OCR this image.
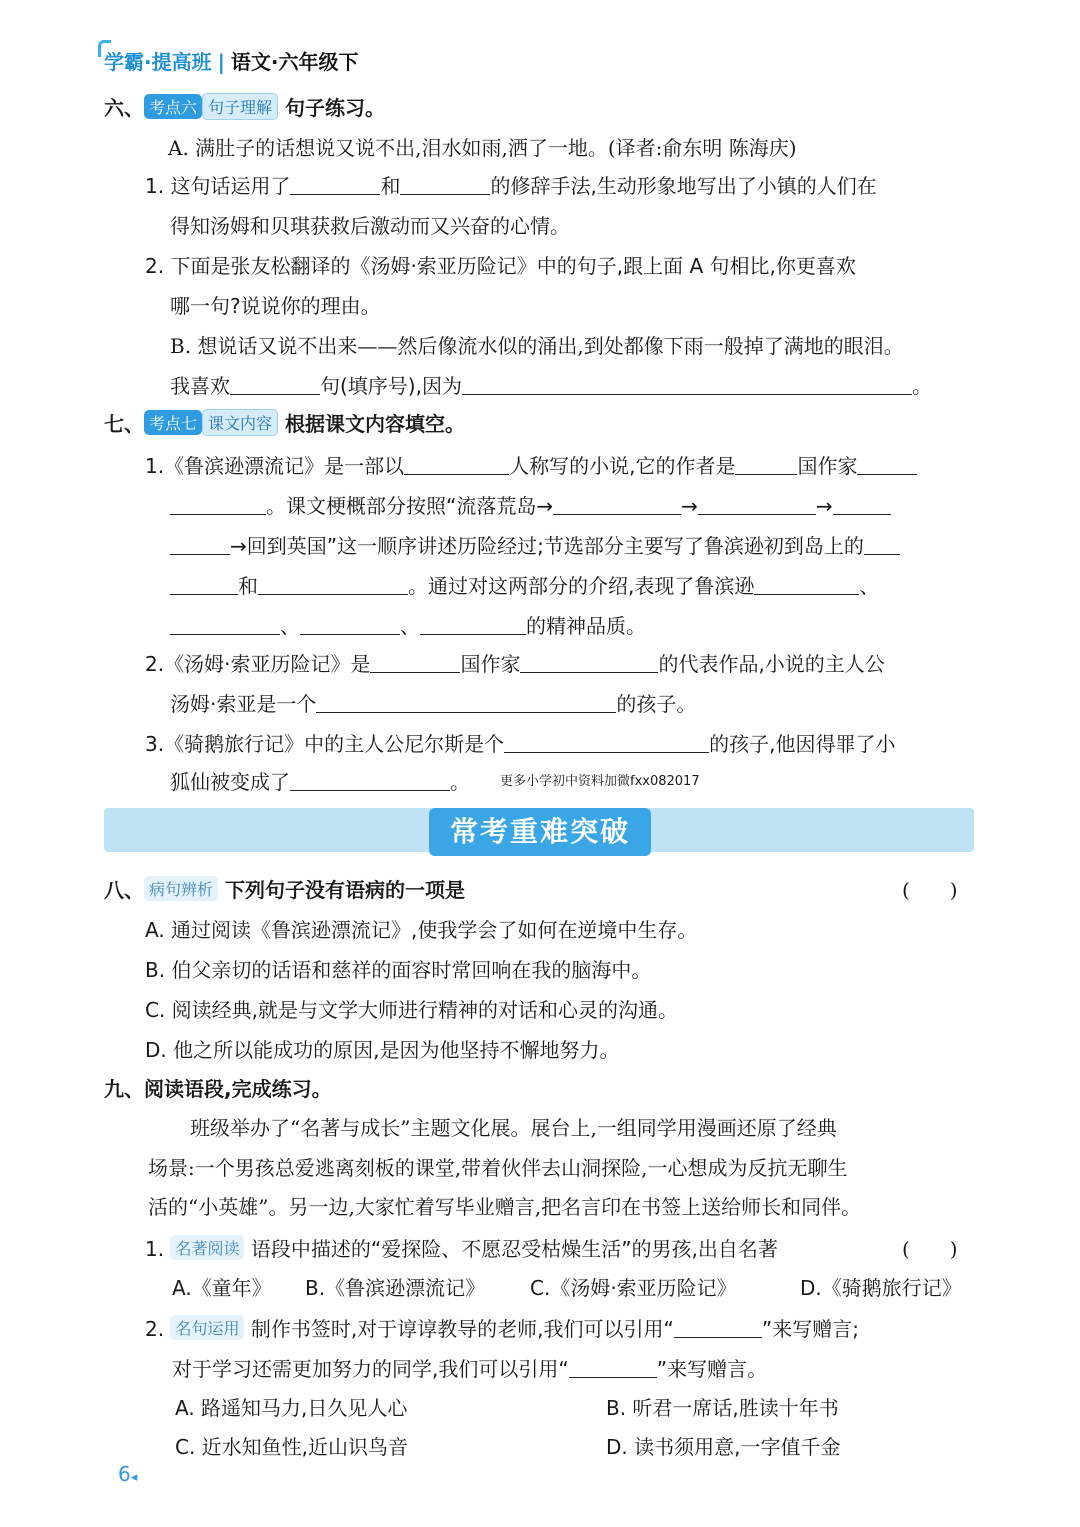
学霸·提高班 | 语文·六年级下
六、 考点六 句子理解 句子练习。
A. 满肚子的话想说又说不出,泪水如雨,洒了一地。(译者:俞东明 陈海庆)
1. 这句话运用了	和	的修辞手法,生动形象地写出了小镇的人们在
得知汤姆和贝琪获救后激动而又兴奋的心情。
2. 下面是张友松翻译的《汤姆·索亚历险记》中的句子,跟上面 A 句相比,你更喜欢
哪一句?说说你的理由。
B. 想说话又说不出来——然后像流水似的涌出,到处都像下雨一般掉了满地的眼泪。
我喜欢	句(填序号),因为	。
七、 考点七 课文内容 根据课文内容填空。
1.《鲁滨逊漂流记》是一部以	人称写的小说,它的作者是	国作家
。课文梗概部分按照“流落荒岛→	→	→
→回到英国”这一顺序讲述历险经过;节选部分主要写了鲁滨逊初到岛上的
和	。通过对这两部分的介绍,表现了鲁滨逊	、
、	、	的精神品质。
2.《汤姆·索亚历险记》是	国作家	的代表作品,小说的主人公
汤姆·索亚是一个	的孩子。
3.《骑鹅旅行记》中的主人公尼尔斯是个	的孩子,他因得罪了小
狐仙被变成了	。 更多小学初中资料加微fxx082017
常考重难突破
八、 病句辨析 下列句子没有语病的一项是	(　　)
A. 通过阅读《鲁滨逊漂流记》,使我学会了如何在逆境中生存。
B. 伯父亲切的话语和慈祥的面容时常回响在我的脑海中。
C. 阅读经典,就是与文学大师进行精神的对话和心灵的沟通。
D. 他之所以能成功的原因,是因为他坚持不懈地努力。
九、阅读语段,完成练习。
班级举办了“名著与成长”主题文化展。展台上,一组同学用漫画还原了经典
场景:一个男孩总爱逃离刻板的课堂,带着伙伴去山洞探险,一心想成为反抗无聊生
活的“小英雄”。另一边,大家忙着写毕业赠言,把名言印在书签上送给师长和同伴。
1. 名著阅读 语段中描述的“爱探险、不愿忍受枯燥生活”的男孩,出自名著	(　　)
A.《童年》 B.《鲁滨逊漂流记》 C.《汤姆·索亚历险记》	D.《骑鹅旅行记》
2. 名句运用 制作书签时,对于谆谆教导的老师,我们可以引用“	”来写赠言;
对于学习还需更加努力的同学,我们可以引用“	”来写赠言。
A. 路遥知马力,日久见人心	B. 听君一席话,胜读十年书
C. 近水知鱼性,近山识鸟音	D. 读书须用意,一字值千金
6◂
